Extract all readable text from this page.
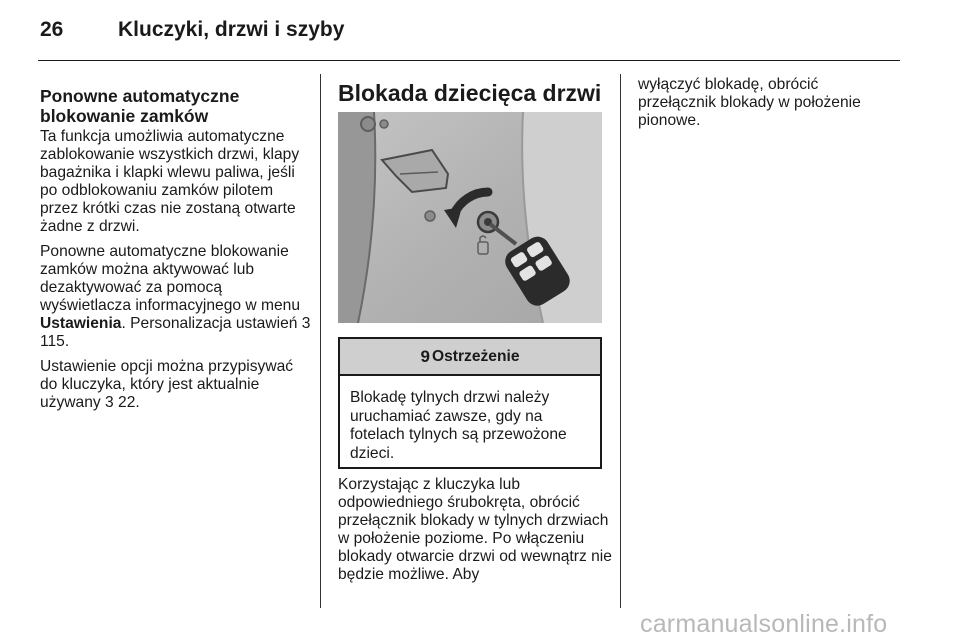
26	Kluczyki, drzwi i szyby
Ponowne automatyczne blokowanie zamków

Ta funkcja umożliwia automatyczne zablokowanie wszystkich drzwi, klapy bagażnika i klapki wlewu paliwa, jeśli po odblokowaniu zamków pilotem przez krótki czas nie zostaną otwarte żadne z drzwi.

Ponowne automatyczne blokowanie zamków można aktywować lub dezaktywować za pomocą wyświetlacza informacyjnego w menu Ustawienia. Personalizacja ustawień 3 115.

Ustawienie opcji można przypisywać do kluczyka, który jest aktualnie używany 3 22.

Blokada dziecięca drzwi
9 Ostrzeżenie
Blokadę tylnych drzwi należy uruchamiać zawsze, gdy na fotelach tylnych są przewożone dzieci.

Korzystając z kluczyka lub odpowiedniego śrubokręta, obrócić przełącznik blokady w tylnych drzwiach w położenie poziome. Po włączeniu blokady otwarcie drzwi od wewnątrz nie będzie możliwe. Aby

wyłączyć blokadę, obrócić przełącznik blokady w położenie pionowe.

carmanualsonline.info
